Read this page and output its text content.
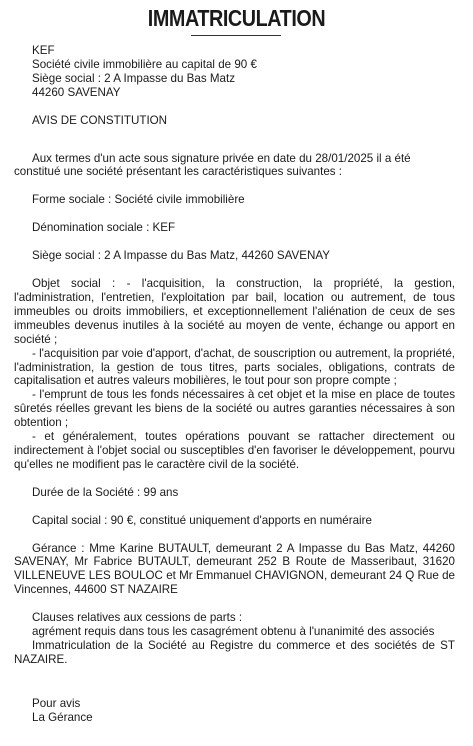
IMMATRICULATION

KEF

Société civile immobilière au capital de 90 €

Siège social : 2 A Impasse du Bas Matz

44260 SAVENAY

AVIS DE CONSTITUTION

Aux termes d'un acte sous signature privée en date du 28/01/2025 il a été constitué une société présentant les caractéristiques suivantes :

Forme sociale : Société civile immobilière

Dénomination sociale : KEF

Siège social : 2 A Impasse du Bas Matz, 44260 SAVENAY

Objet social : - l'acquisition, la construction, la propriété, la gestion, l'administration, l'entretien, l'exploitation par bail, location ou autrement, de tous immeubles ou droits immobiliers, et exceptionnellement l'aliénation de ceux de ses immeubles devenus inutiles à la société au moyen de vente, échange ou apport en société ;

- l'acquisition par voie d'apport, d'achat, de souscription ou autrement, la propriété, l'administration, la gestion de tous titres, parts sociales, obligations, contrats de capitalisation et autres valeurs mobilières, le tout pour son propre compte ;

- l'emprunt de tous les fonds nécessaires à cet objet et la mise en place de toutes sûretés réelles grevant les biens de la société ou autres garanties nécessaires à son obtention ;

- et généralement, toutes opérations pouvant se rattacher directement ou indirectement à l'objet social ou susceptibles d'en favoriser le développement, pourvu qu'elles ne modifient pas le caractère civil de la société.

Durée de la Société : 99 ans

Capital social : 90 €, constitué uniquement d'apports en numéraire

Gérance : Mme Karine BUTAULT, demeurant 2 A Impasse du Bas Matz, 44260 SAVENAY, Mr Fabrice BUTAULT, demeurant 252 B Route de Masseribaut, 31620 VILLENEUVE LES BOULOC et Mr Emmanuel CHAVIGNON, demeurant 24 Q Rue de Vincennes, 44600 ST NAZAIRE

Clauses relatives aux cessions de parts :

agrément requis dans tous les casagrément obtenu à l'unanimité des associés

Immatriculation de la Société au Registre du commerce et des sociétés de ST NAZAIRE.

Pour avis

La Gérance
